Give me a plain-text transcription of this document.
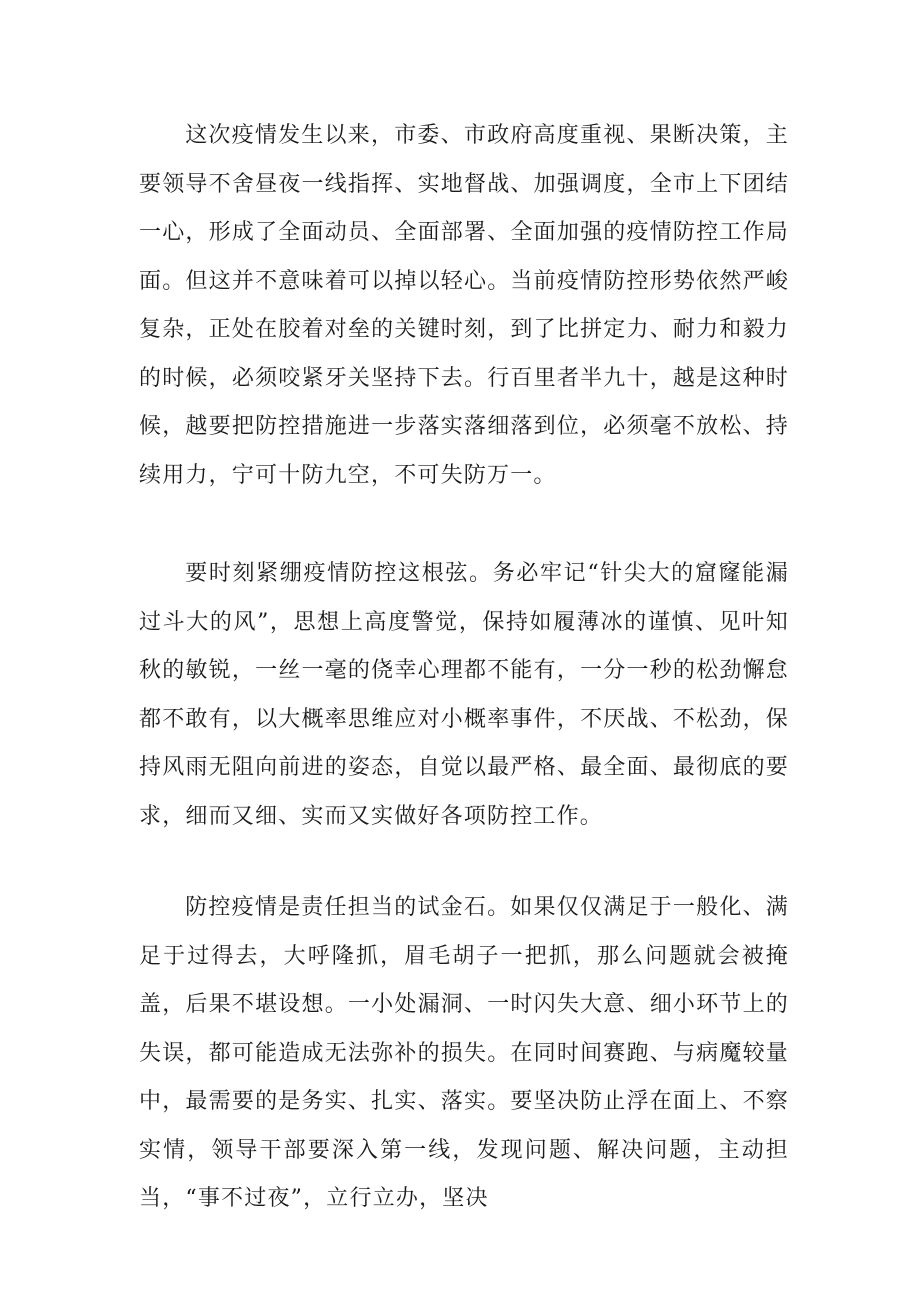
这次疫情发生以来，市委、市政府高度重视、果断决策，主要领导不舍昼夜一线指挥、实地督战、加强调度，全市上下团结一心，形成了全面动员、全面部署、全面加强的疫情防控工作局面。但这并不意味着可以掉以轻心。当前疫情防控形势依然严峻复杂，正处在胶着对垒的关键时刻，到了比拼定力、耐力和毅力的时候，必须咬紧牙关坚持下去。行百里者半九十，越是这种时候，越要把防控措施进一步落实落细落到位，必须毫不放松、持续用力，宁可十防九空，不可失防万一。

要时刻紧绷疫情防控这根弦。务必牢记“针尖大的窟窿能漏过斗大的风”，思想上高度警觉，保持如履薄冰的谨慎、见叶知秋的敏锐，一丝一毫的侥幸心理都不能有，一分一秒的松劲懈怠都不敢有，以大概率思维应对小概率事件，不厌战、不松劲，保持风雨无阻向前进的姿态，自觉以最严格、最全面、最彻底的要求，细而又细、实而又实做好各项防控工作。

防控疫情是责任担当的试金石。如果仅仅满足于一般化、满足于过得去，大呼隆抓，眉毛胡子一把抓，那么问题就会被掩盖，后果不堪设想。一小处漏洞、一时闪失大意、细小环节上的失误，都可能造成无法弥补的损失。在同时间赛跑、与病魔较量中，最需要的是务实、扎实、落实。要坚决防止浮在面上、不察实情，领导干部要深入第一线，发现问题、解决问题，主动担当，“事不过夜”，立行立办，坚决
